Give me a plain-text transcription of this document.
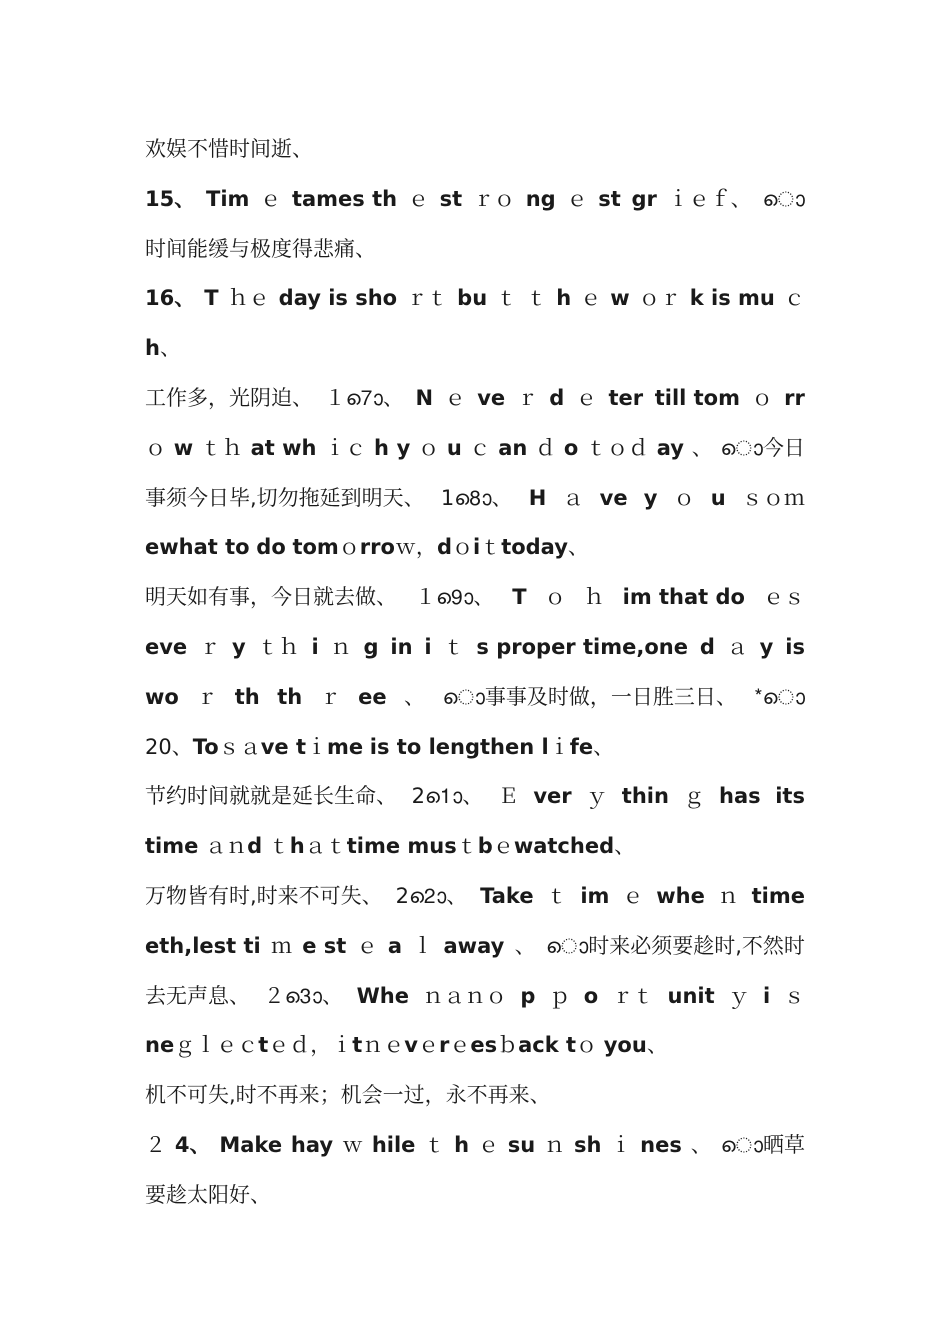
欢娱不惜时间逝、
15、 Tim ｅ tames th ｅ st ｒｏ ng ｅ st gr ｉｅｆ、 ൊ
时间能缓与极度得悲痛、
16、 T ｈｅ day is sho ｒｔ bu ｔ ｔ h ｅ w ｏｒ k is mu ｃ
h、
工作多，光阴迫、 １7ൊ、 N ｅ ve ｒ d ｅ ter till tom ｏ rr
ｏ w ｔｈ at wh ｉｃ h y ｏ u ｃ an ｄ o ｔｏｄ ay 、 ൊ今日
事须今日毕,切勿拖延到明天、 18ൊ、 H ａ ve y ｏ u ｓｏｍ
ewhat to do tomｏrroｗ，dｏiｔtoday、
明天如有事，今日就去做、 １9ൊ、 T ｏ ｈ im that do ｅｓ
eve ｒ y ｔｈ i ｎ g in i ｔ s proper time,one d ａ y is
wo ｒ th th ｒ ee 、 ൊ事事及时做，一日胜三日、 *ൊ
20、Toｓａve tｉme is to lengthen lｉfe、
节约时间就就是延长生命、 21ൊ、 Ｅ ver ｙ thin ｇ has its
time ａｎd ｔhａｔtime musｔbｅwatched、
万物皆有时,时来不可失、 22ൊ、 Take ｔ im ｅ whe ｎ time
eth,lest ti ｍ e st ｅ a ｌ away 、 ൊ时来必须要趁时,不然时
去无声息、 ２3ൊ、 Whe ｎａｎｏ p ｐ o ｒｔ unit ｙ i ｓ
neｇｌｅｃtｅｄ，ｉtｎｅvｅrｅesｂack tｏ you、
机不可失,时不再来；机会一过，永不再来、
２ 4、 Make hay ｗ hile ｔ h ｅ su ｎ sh ｉ nes 、 ൊ晒草
要趁太阳好、
